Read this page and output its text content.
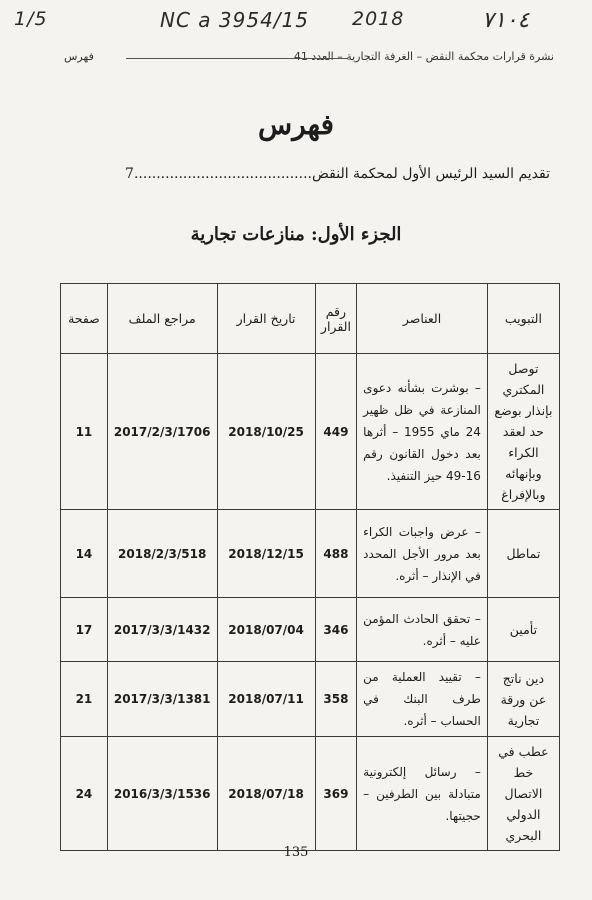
1/5	NC a 3954/15 2018	٧١٠٤
نشرة قرارات محكمة النقض – الغرفة التجارية – العدد 41
فهرس
فهرس
تقديم السيد الرئيس الأول لمحكمة النقض........................................7
الجزء الأول: منازعات تجارية
التبويب	العناصر	رقم القرار	تاريخ القرار	مراجع الملف	صفحة
توصل المكتري بإنذار بوضع حد لعقد الكراء وبإنهائه وبالإفراغ	– بوشرت بشأنه دعوى المنازعة في ظل ظهير 24 ماي 1955 – أثرها بعد دخول القانون رقم 16-49 حيز التنفيذ.	449	2018/10/25	2017/2/3/1706	11
تماطل	– عرض واجبات الكراء بعد مرور الأجل المحدد في الإنذار – أثره.	488	2018/12/15	2018/2/3/518	14
تأمين	– تحقق الحادث المؤمن عليه – أثره.	346	2018/07/04	2017/3/3/1432	17
دين ناتج عن ورقة تجارية	– تقييد العملية من طرف البنك في الحساب – أثره.	358	2018/07/11	2017/3/3/1381	21
عطب في خط الاتصال الدولي البحري	– رسائل إلكترونية متبادلة بين الطرفين – حجيتها.	369	2018/07/18	2016/3/3/1536	24
135
